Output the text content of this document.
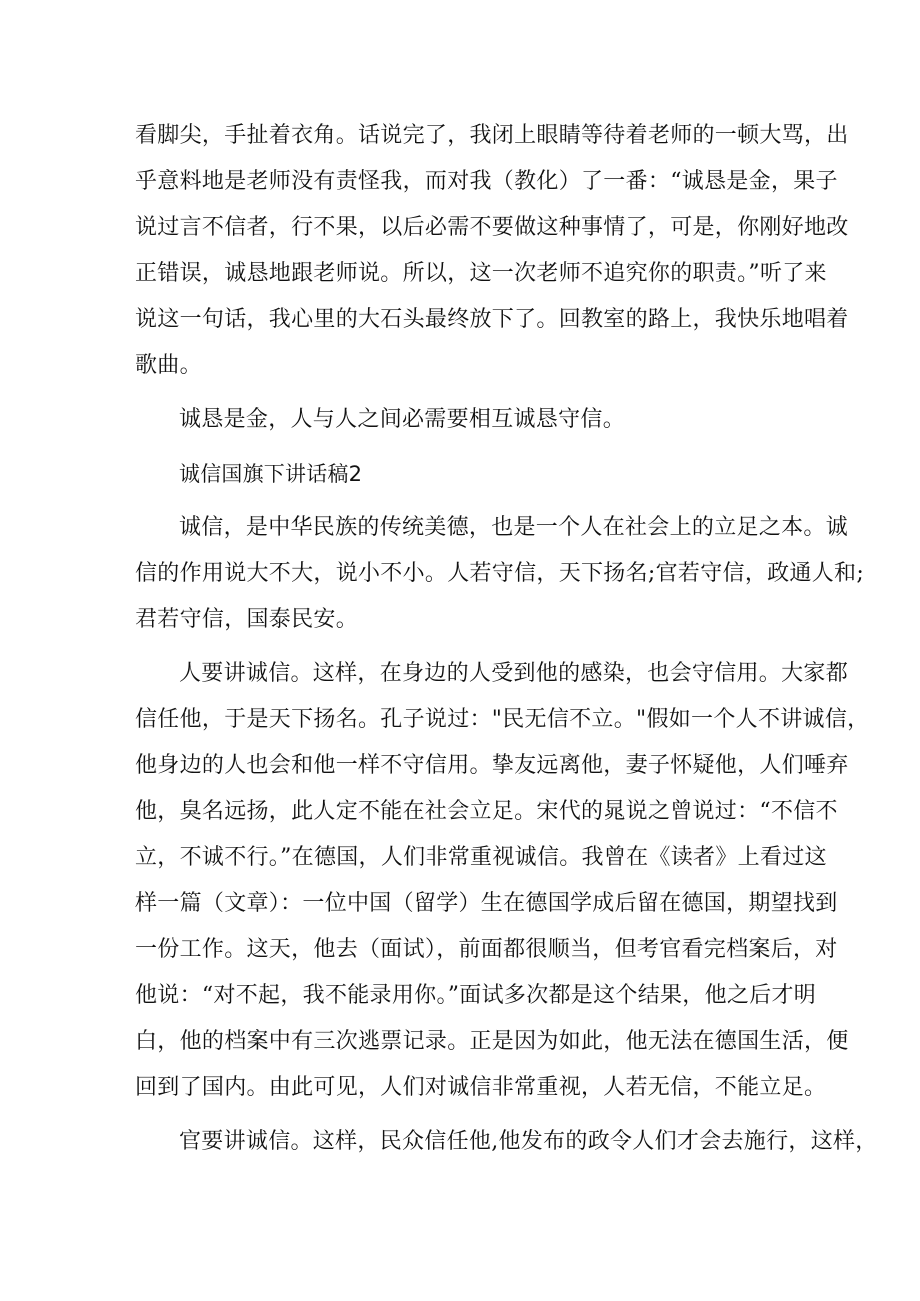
看脚尖，手扯着衣角。话说完了，我闭上眼睛等待着老师的一顿大骂，出
乎意料地是老师没有责怪我，而对我（教化）了一番：“诚恳是金，果子
说过言不信者，行不果，以后必需不要做这种事情了，可是，你刚好地改
正错误，诚恳地跟老师说。所以，这一次老师不追究你的职责。”听了来
说这一句话，我心里的大石头最终放下了。回教室的路上，我快乐地唱着
歌曲。
诚恳是金，人与人之间必需要相互诚恳守信。
诚信国旗下讲话稿2
诚信，是中华民族的传统美德，也是一个人在社会上的立足之本。诚
信的作用说大不大，说小不小。人若守信，天下扬名;官若守信，政通人和;
君若守信，国泰民安。
人要讲诚信。这样，在身边的人受到他的感染，也会守信用。大家都
信任他，于是天下扬名。孔子说过："民无信不立。"假如一个人不讲诚信，
他身边的人也会和他一样不守信用。挚友远离他，妻子怀疑他，人们唾弃
他，臭名远扬，此人定不能在社会立足。宋代的晁说之曾说过：“不信不
立，不诚不行。”在德国，人们非常重视诚信。我曾在《读者》上看过这
样一篇（文章）：一位中国（留学）生在德国学成后留在德国，期望找到
一份工作。这天，他去（面试），前面都很顺当，但考官看完档案后，对
他说：“对不起，我不能录用你。”面试多次都是这个结果，他之后才明
白，他的档案中有三次逃票记录。正是因为如此，他无法在德国生活，便
回到了国内。由此可见，人们对诚信非常重视，人若无信，不能立足。
官要讲诚信。这样，民众信任他,他发布的政令人们才会去施行，这样，
